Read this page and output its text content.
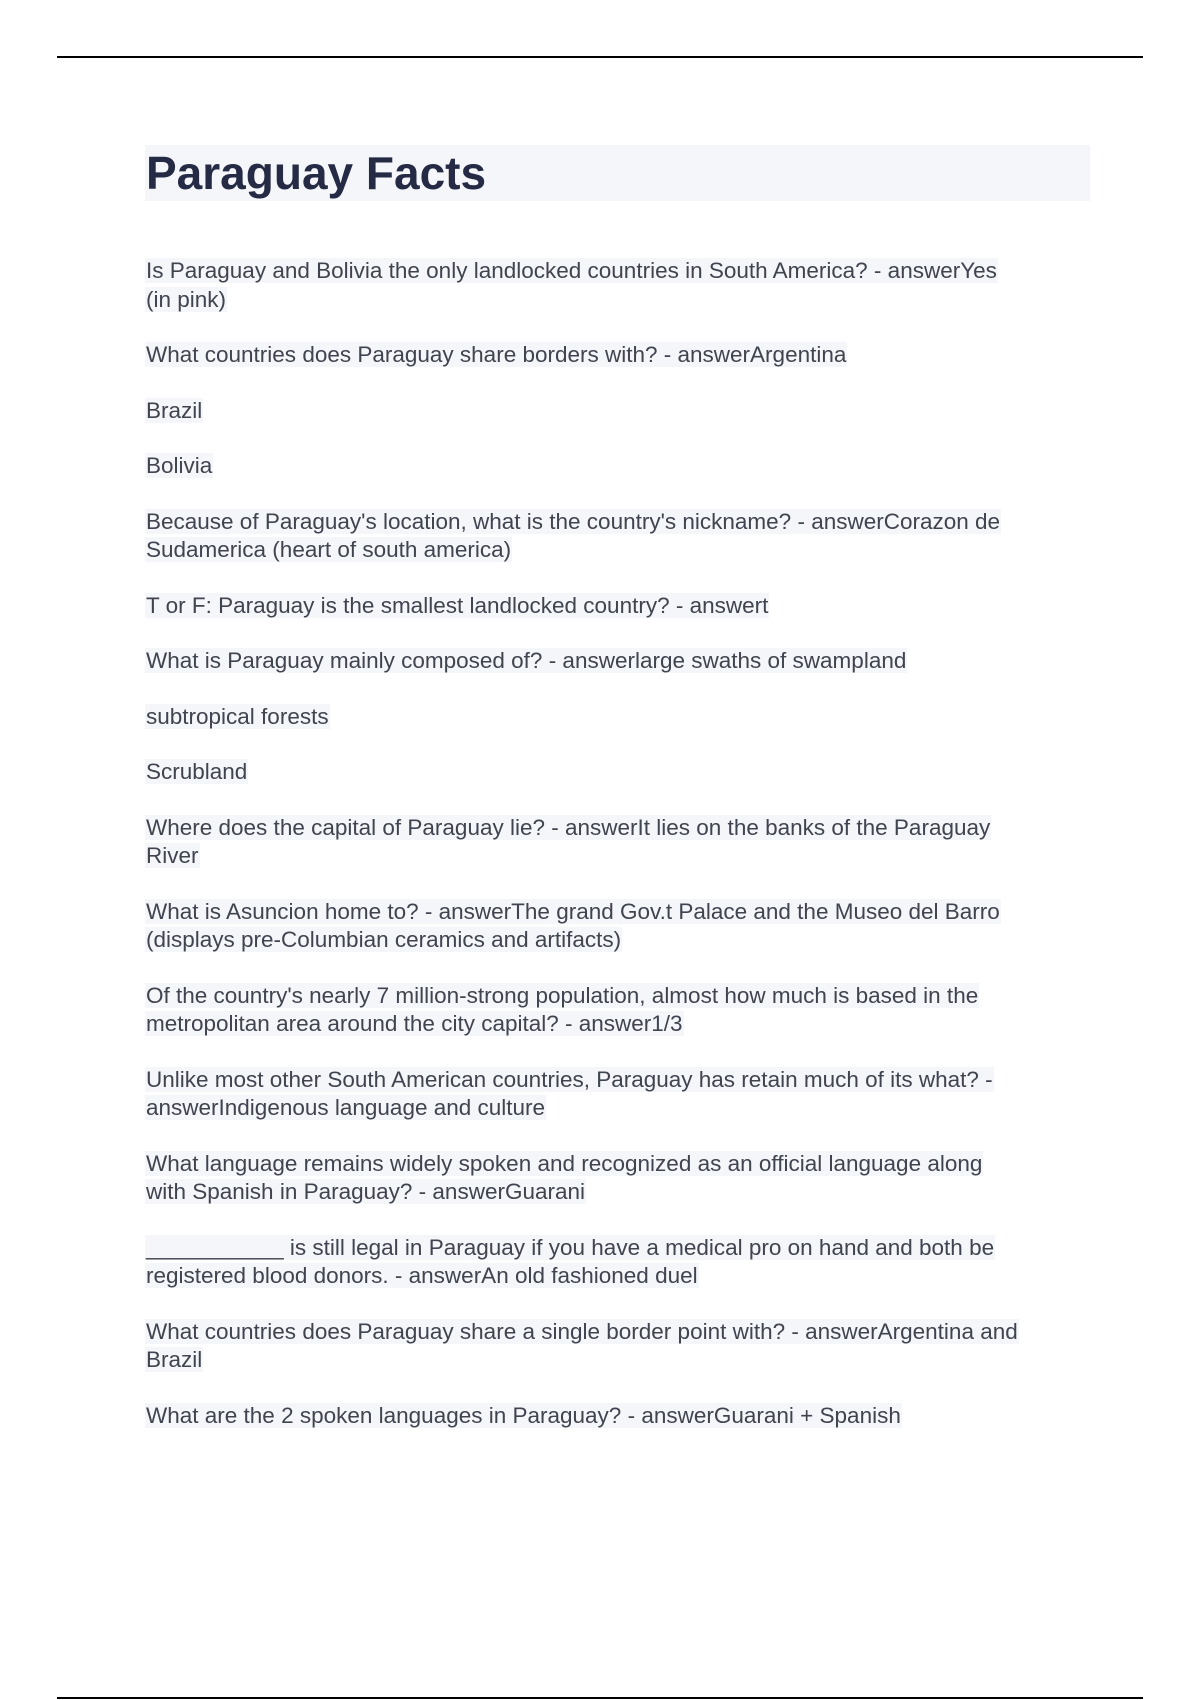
Paraguay Facts
Is Paraguay and Bolivia the only landlocked countries in South America? - answerYes
(in pink)
What countries does Paraguay share borders with? - answerArgentina
Brazil
Bolivia
Because of Paraguay's location, what is the country's nickname? - answerCorazon de
Sudamerica (heart of south america)
T or F: Paraguay is the smallest landlocked country? - answert
What is Paraguay mainly composed of? - answerlarge swaths of swampland
subtropical forests
Scrubland
Where does the capital of Paraguay lie? - answerIt lies on the banks of the Paraguay
River
What is Asuncion home to? - answerThe grand Gov.t Palace and the Museo del Barro
(displays pre-Columbian ceramics and artifacts)
Of the country's nearly 7 million-strong population, almost how much is based in the
metropolitan area around the city capital? - answer1/3
Unlike most other South American countries, Paraguay has retain much of its what? -
answerIndigenous language and culture
What language remains widely spoken and recognized as an official language along
with Spanish in Paraguay? - answerGuarani
___________ is still legal in Paraguay if you have a medical pro on hand and both be
registered blood donors. - answerAn old fashioned duel
What countries does Paraguay share a single border point with? - answerArgentina and
Brazil
What are the 2 spoken languages in Paraguay? - answerGuarani + Spanish
